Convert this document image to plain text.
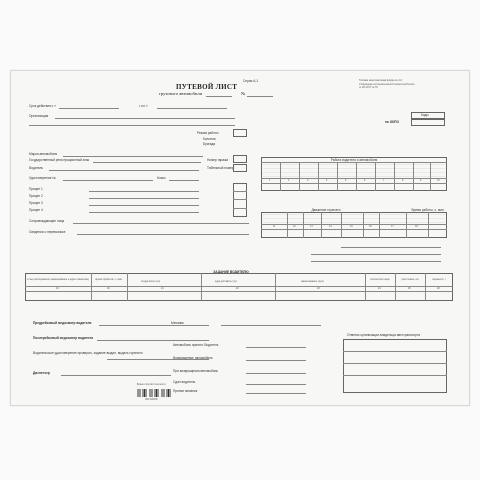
Серия А-1
ПУТЕВОЙ ЛИСТ
грузового автомобиля	№
Типовая межотраслевая форма № 4-С
Утверждена постановлением Госкомстата России
от 28.11.97 № 78
Срок действия с «	г. по «
Коды
по ОКПО
Организация
Режим работы
Колонна
Бригада
Марка автомобиля
Государственный регистрационный знак	Номер гаража
Водитель	Табельный номер
Удостоверение №	Класс
Прицеп 1
Прицеп 2
Прицеп 3
Прицеп 4
Сопровождающие лица
Сведения о перевозчике
Работа водителя и автомобиля
1	2	3	4	5	6	7	8	9	10
Движение горючего	Время работы, ч. мин.
11	12	13	14	15	16	17	18
ЗАДАНИЕ ВОДИТЕЛЮ
в чье распоряжение (наименование и адрес заказчика)	время прибытия, ч. мин.
откуда взять груз	куда доставить груз	наименование груза
количество ездок	расстояние, км	перевезти, т
19	20	21	22	23	24	25	26
Предрейсовый медосмотр водителя
Послерейсовый медосмотр водителя
Водительское удостоверение проверил, задание выдал, выдать горючего
Диспетчер
Механик
Автомобиль принял: Водитель
Возвращение: автомобиль
При возвращении автомобиль
Сдал водитель
Принял механик
Отметки организации-владельца автотранспорта
Бланк строгой отчетности
000 000000
